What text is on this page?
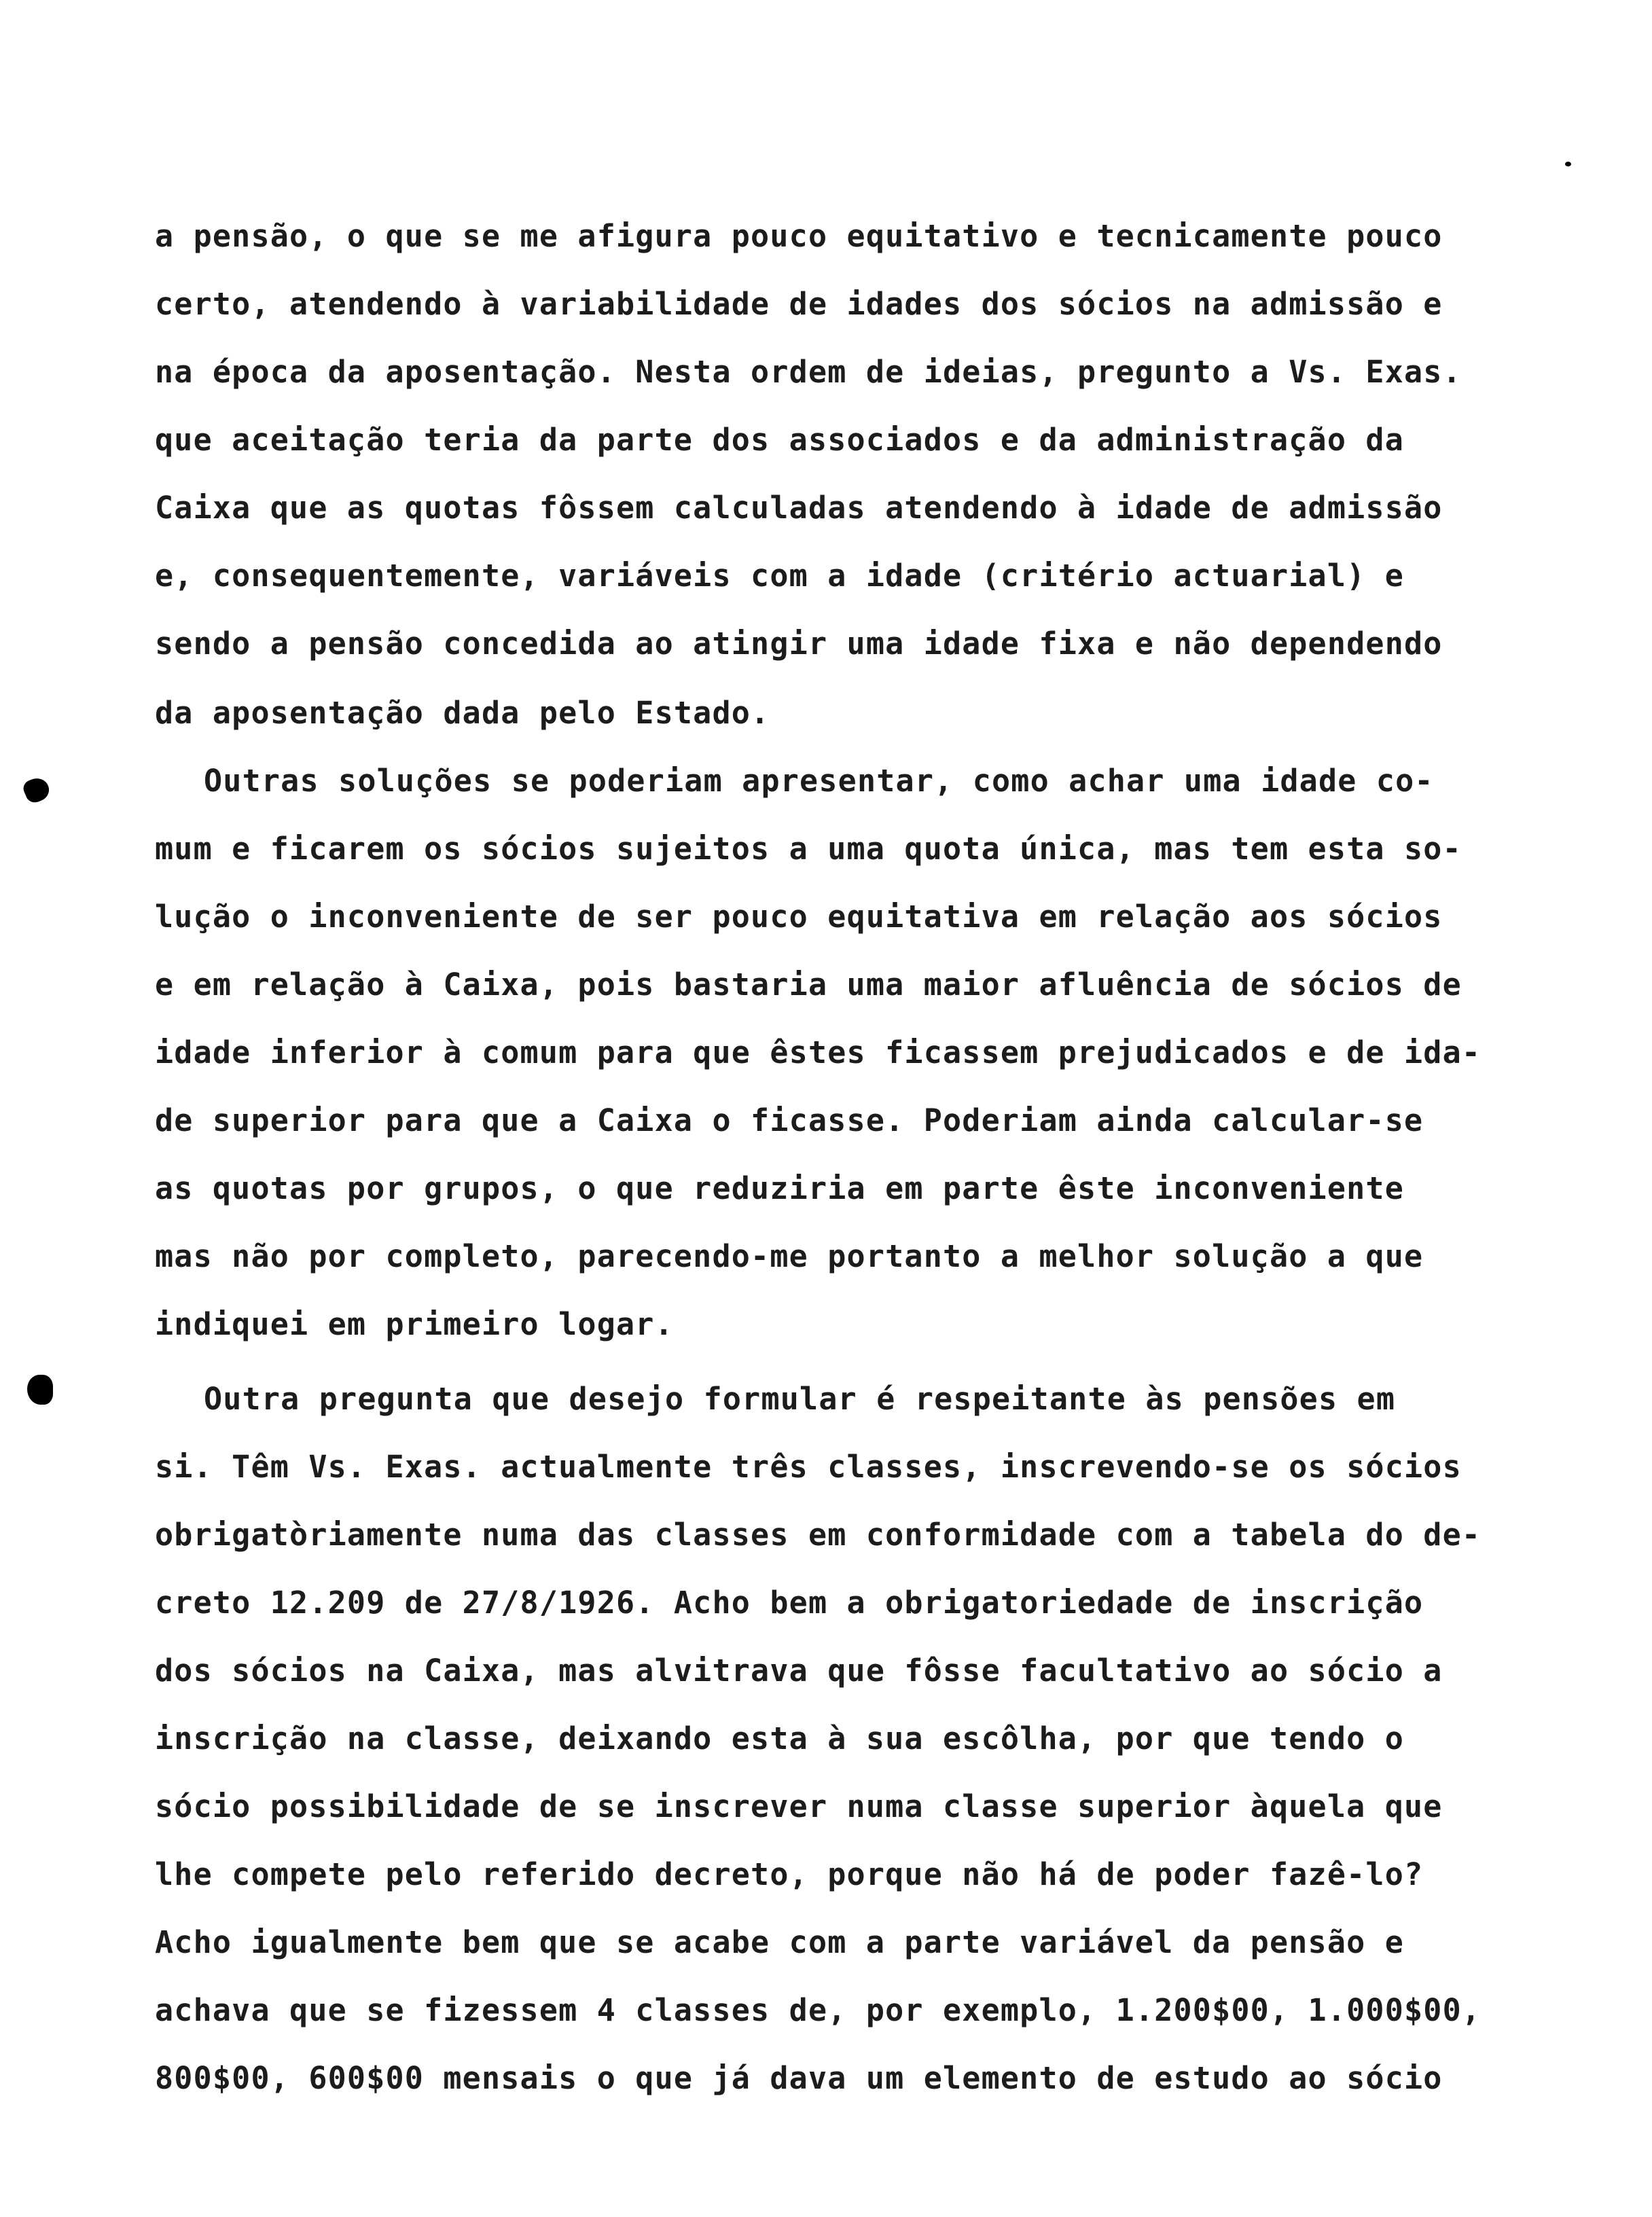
a pensão, o que se me afigura pouco equitativo e tecnicamente pouco
certo, atendendo à variabilidade de idades dos sócios na admissão e
na época da aposentação. Nesta ordem de ideias, pregunto a Vs. Exas.
que aceitação teria da parte dos associados e da administração da
Caixa que as quotas fôssem calculadas atendendo à idade de admissão
e, consequentemente, variáveis com a idade (critério actuarial) e
sendo a pensão concedida ao atingir uma idade fixa e não dependendo
da aposentação dada pelo Estado.
Outras soluções se poderiam apresentar, como achar uma idade co-
mum e ficarem os sócios sujeitos a uma quota única, mas tem esta so-
lução o inconveniente de ser pouco equitativa em relação aos sócios
e em relação à Caixa, pois bastaria uma maior afluência de sócios de
idade inferior à comum para que êstes ficassem prejudicados e de ida-
de superior para que a Caixa o ficasse. Poderiam ainda calcular-se
as quotas por grupos, o que reduziria em parte êste inconveniente
mas não por completo, parecendo-me portanto a melhor solução a que
indiquei em primeiro logar.
Outra pregunta que desejo formular é respeitante às pensões em
si. Têm Vs. Exas. actualmente três classes, inscrevendo-se os sócios
obrigatòriamente numa das classes em conformidade com a tabela do de-
creto 12.209 de 27/8/1926. Acho bem a obrigatoriedade de inscrição
dos sócios na Caixa, mas alvitrava que fôsse facultativo ao sócio a
inscrição na classe, deixando esta à sua escôlha, por que tendo o
sócio possibilidade de se inscrever numa classe superior àquela que
lhe compete pelo referido decreto, porque não há de poder fazê-lo?
Acho igualmente bem que se acabe com a parte variável da pensão e
achava que se fizessem 4 classes de, por exemplo, 1.200$00, 1.000$00,
800$00, 600$00 mensais o que já dava um elemento de estudo ao sócio
